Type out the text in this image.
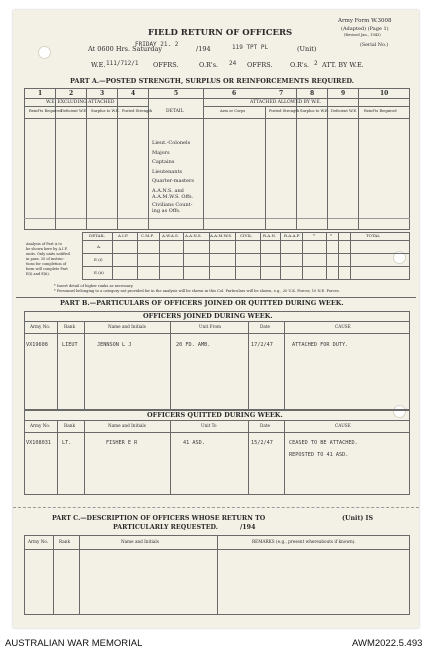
FIELD RETURN OF OFFICERS
Army Form W.3008
(Adapted) (Page 1)
(Revised Jan., 1943)
(Serial No.)
At 0600 Hrs. Saturday
FRIDAY 21. 2
/194	119 TPT PL	(Unit)
W.E. 111/712/1 OFFRS.	O.R's. 24 OFFRS.	O.R's. 2 ATT. BY W.E.
PART A.—POSTED STRENGTH, SURPLUS OR REINFORCEMENTS REQUIRED.
1	2	3	4	5	6	7	8	9	10
W.E. EXCLUDING ATTACHED	ATTACHED ALLOWED BY W.E.
DETAIL
Reinf'ts Required Deficient W.E. Surplus to W.E. Posted Strength	Arm or Corps	Posted Strength Surplus to W.E. Deficient W.E. Reinf'ts Required
Lieut.-Colonels
Majors
Captains
Lieutenants
Quarter-masters
A.A.N.S. and
A.A.M.W.S. Offs.
Civilians Count-
ing as Offs.
Analysis of Part A to
be shown here by A.I.F.
units. Only units notified
in para. 35 of instruc-
tions for completion of
form will complete Part
E(i) and E(ii).
DETAIL	A.I.F.	C.M.F. A.W.A.S. A.A.N.S. A.A.M.W.S. CIVIL	R.A.N. R.A.A.F.	*	*	TOTAL
A.
E.(i)
E.(ii)
* Insert detail of higher ranks as necessary.
* Personnel belonging to a category not provided for in the analysis will be shown in this Col. Particulars will be shown, e.g., 20 U.K. Forces; 10 N.E. Forces.
PART B.—PARTICULARS OF OFFICERS JOINED OR QUITTED DURING WEEK.
OFFICERS JOINED DURING WEEK.
Army No.	Rank	Name and Initials	Unit From	Date	CAUSE
VX19608	LIEUT	JENNSON L J	20 FD. AMB.	17/2/47	ATTACHED FOR DUTY.
OFFICERS QUITTED DURING WEEK.
Army No.	Rank	Name and Initials	Unit To	Date	CAUSE
VX108031 LT.	FISHER E R	41 ASD.	15/2/47	CEASED TO BE ATTACHED.
REPOSTED TO 41 ASD.
PART C.—DESCRIPTION OF OFFICERS WHOSE RETURN TO	(Unit) IS
PARTICULARLY REQUESTED.	/194
Army No.	Rank	Name and Initials	REMARKS (e.g., present whereabouts if known).
AUSTRALIAN WAR MEMORIAL	AWM2022.5.493
